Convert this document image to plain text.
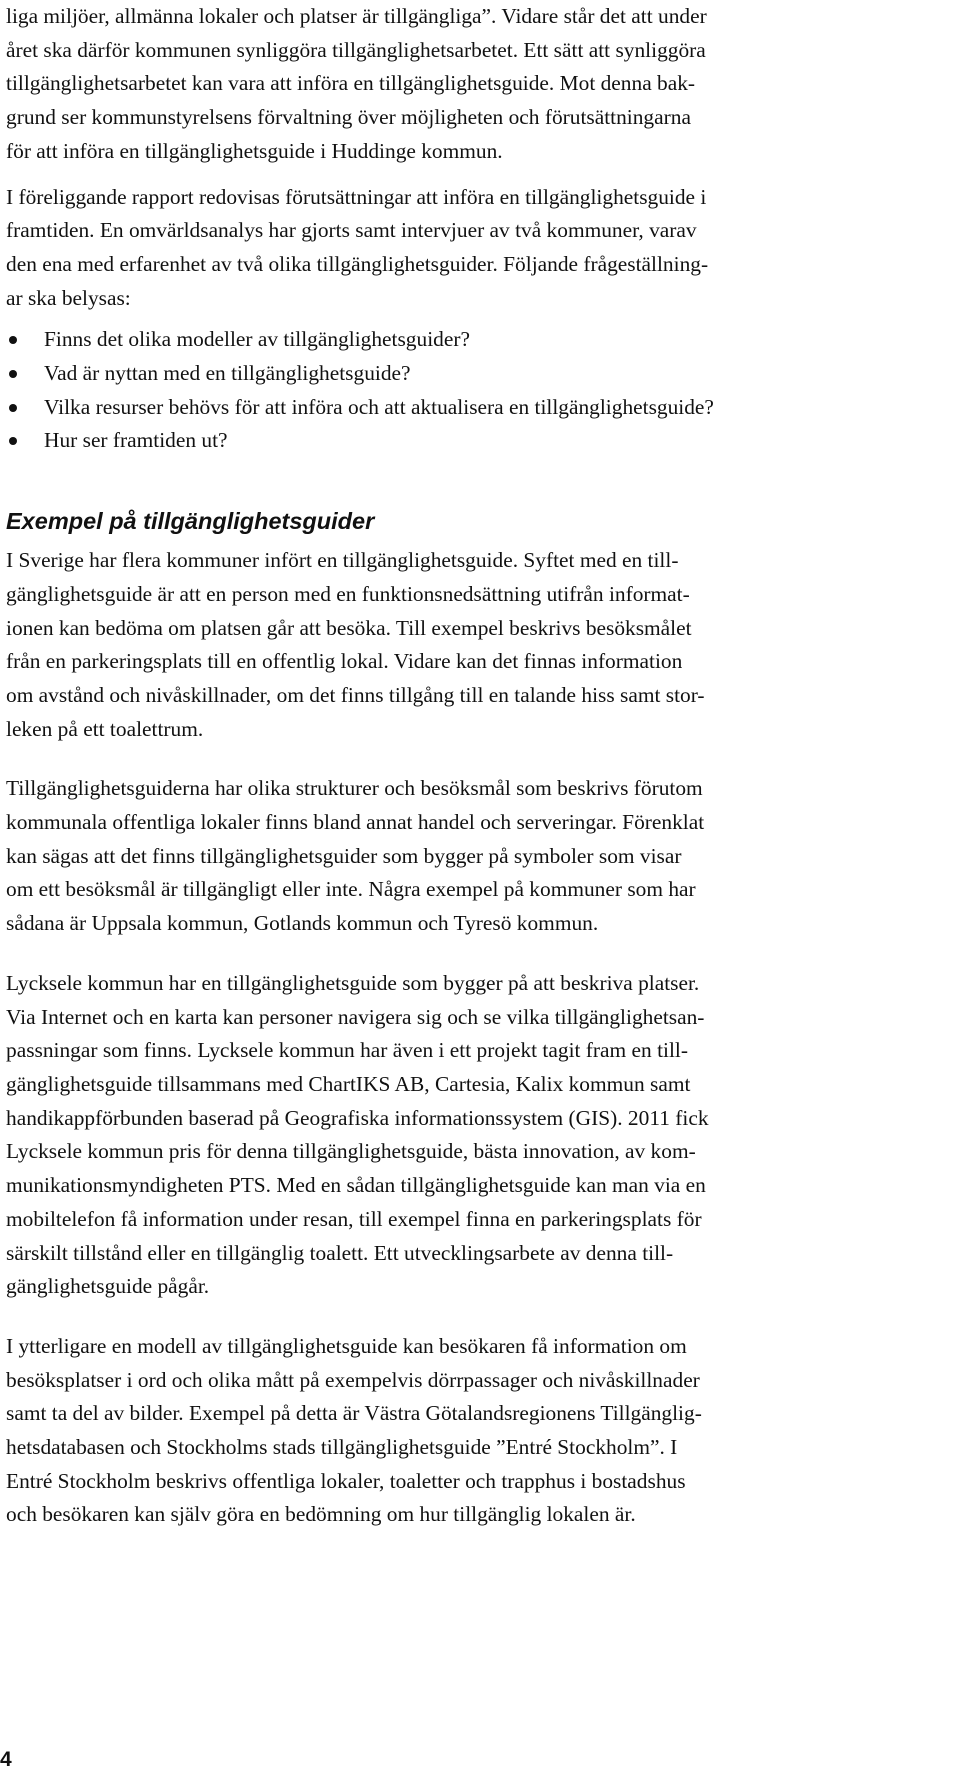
liga miljöer, allmänna lokaler och platser är tillgängliga”. Vidare står det att under
året ska därför kommunen synliggöra tillgänglighetsarbetet. Ett sätt att synliggöra
tillgänglighetsarbetet kan vara att införa en tillgänglighetsguide. Mot denna bak-
grund ser kommunstyrelsens förvaltning över möjligheten och förutsättningarna
för att införa en tillgänglighetsguide i Huddinge kommun.
I föreliggande rapport redovisas förutsättningar att införa en tillgänglighetsguide i
framtiden. En omvärldsanalys har gjorts samt intervjuer av två kommuner, varav
den ena med erfarenhet av två olika tillgänglighetsguider. Följande frågeställning-
ar ska belysas:
Finns det olika modeller av tillgänglighetsguider?
Vad är nyttan med en tillgänglighetsguide?
Vilka resurser behövs för att införa och att aktualisera en tillgänglighetsguide?
Hur ser framtiden ut?
Exempel på tillgänglighetsguider
I Sverige har flera kommuner infört en tillgänglighetsguide. Syftet med en till-
gänglighetsguide är att en person med en funktionsnedsättning utifrån informat-
ionen kan bedöma om platsen går att besöka. Till exempel beskrivs besöksmålet
från en parkeringsplats till en offentlig lokal. Vidare kan det finnas information
om avstånd och nivåskillnader, om det finns tillgång till en talande hiss samt stor-
leken på ett toalettrum.
Tillgänglighetsguiderna har olika strukturer och besöksmål som beskrivs förutom
kommunala offentliga lokaler finns bland annat handel och serveringar. Förenklat
kan sägas att det finns tillgänglighetsguider som bygger på symboler som visar
om ett besöksmål är tillgängligt eller inte. Några exempel på kommuner som har
sådana är Uppsala kommun, Gotlands kommun och Tyresö kommun.
Lycksele kommun har en tillgänglighetsguide som bygger på att beskriva platser.
Via Internet och en karta kan personer navigera sig och se vilka tillgänglighetsan-
passningar som finns. Lycksele kommun har även i ett projekt tagit fram en till-
gänglighetsguide tillsammans med ChartIKS AB, Cartesia, Kalix kommun samt
handikappförbunden baserad på Geografiska informationssystem (GIS). 2011 fick
Lycksele kommun pris för denna tillgänglighetsguide, bästa innovation, av kom-
munikationsmyndigheten PTS. Med en sådan tillgänglighetsguide kan man via en
mobiltelefon få information under resan, till exempel finna en parkeringsplats för
särskilt tillstånd eller en tillgänglig toalett. Ett utvecklingsarbete av denna till-
gänglighetsguide pågår.
I ytterligare en modell av tillgänglighetsguide kan besökaren få information om
besöksplatser i ord och olika mått på exempelvis dörrpassager och nivåskillnader
samt ta del av bilder. Exempel på detta är Västra Götalandsregionens Tillgänglig-
hetsdatabasen och Stockholms stads tillgänglighetsguide ”Entré Stockholm”. I
Entré Stockholm beskrivs offentliga lokaler, toaletter och trapphus i bostadshus
och besökaren kan själv göra en bedömning om hur tillgänglig lokalen är.
4
